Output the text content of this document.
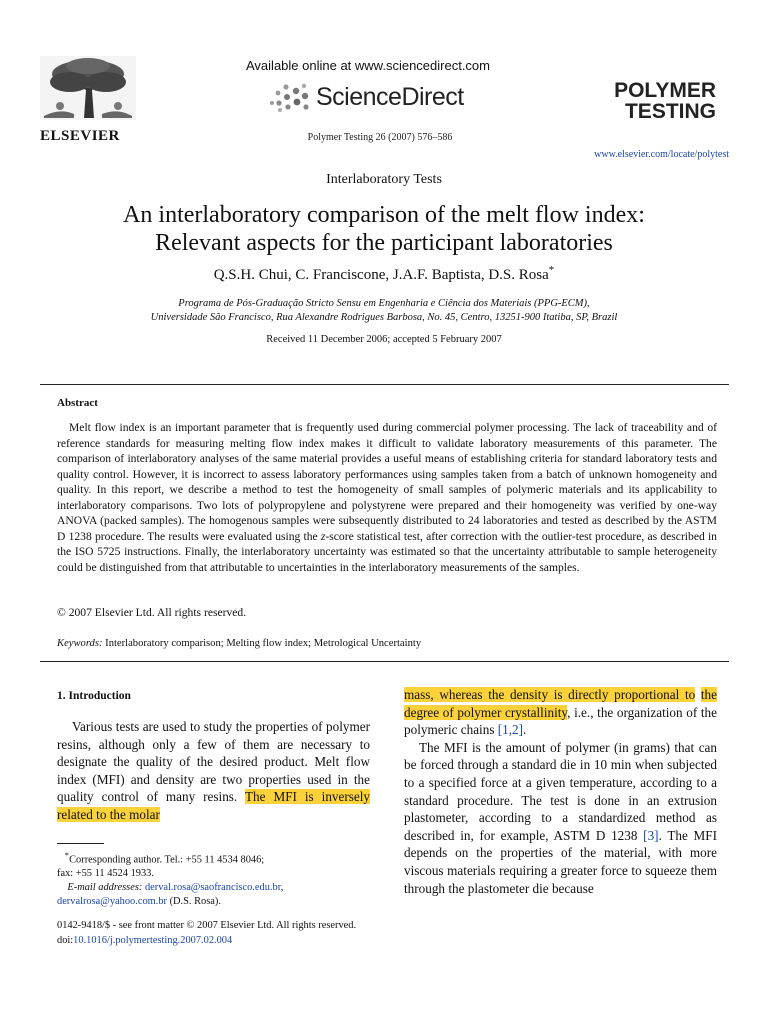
ELSEVIER
Available online at www.sciencedirect.com
ScienceDirect
Polymer Testing 26 (2007) 576–586
POLYMER
TESTING
www.elsevier.com/locate/polytest
Interlaboratory Tests
An interlaboratory comparison of the melt flow index:
Relevant aspects for the participant laboratories
Q.S.H. Chui, C. Franciscone, J.A.F. Baptista, D.S. Rosa*
Programa de Pós-Graduação Stricto Sensu em Engenharia e Ciência dos Materiais (PPG-ECM),
Universidade São Francisco, Rua Alexandre Rodrigues Barbosa, No. 45, Centro, 13251-900 Itatiba, SP, Brazil
Received 11 December 2006; accepted 5 February 2007
Abstract
Melt flow index is an important parameter that is frequently used during commercial polymer processing. The lack of traceability and of reference standards for measuring melting flow index makes it difficult to validate laboratory measurements of this parameter. The comparison of interlaboratory analyses of the same material provides a useful means of establishing criteria for standard laboratory tests and quality control. However, it is incorrect to assess laboratory performances using samples taken from a batch of unknown homogeneity and quality. In this report, we describe a method to test the homogeneity of small samples of polymeric materials and its applicability to interlaboratory comparisons. Two lots of polypropylene and polystyrene were prepared and their homogeneity was verified by one-way ANOVA (packed samples). The homogenous samples were subsequently distributed to 24 laboratories and tested as described by the ASTM D 1238 procedure. The results were evaluated using the z-score statistical test, after correction with the outlier-test procedure, as described in the ISO 5725 instructions. Finally, the interlaboratory uncertainty was estimated so that the uncertainty attributable to sample heterogeneity could be distinguished from that attributable to uncertainties in the interlaboratory measurements of the samples.
© 2007 Elsevier Ltd. All rights reserved.
Keywords: Interlaboratory comparison; Melting flow index; Metrological Uncertainty
1. Introduction

Various tests are used to study the properties of polymer resins, although only a few of them are necessary to designate the quality of the desired product. Melt flow index (MFI) and density are two properties used in the quality control of many resins. The MFI is inversely related to the molar

mass, whereas the density is directly proportional to the degree of polymer crystallinity, i.e., the organization of the polymeric chains [1,2].

The MFI is the amount of polymer (in grams) that can be forced through a standard die in 10 min when subjected to a specified force at a given temperature, according to a standard procedure. The test is done in an extrusion plastometer, according to a standardized method as described in, for example, ASTM D 1238 [3]. The MFI depends on the properties of the material, with more viscous materials requiring a greater force to squeeze them through the plastometer die because

*Corresponding author. Tel.: +55 11 4534 8046;
fax: +55 11 4524 1933.
E-mail addresses: derval.rosa@saofrancisco.edu.br,
dervalrosa@yahoo.com.br (D.S. Rosa).
0142-9418/$ - see front matter © 2007 Elsevier Ltd. All rights reserved.
doi:10.1016/j.polymertesting.2007.02.004
